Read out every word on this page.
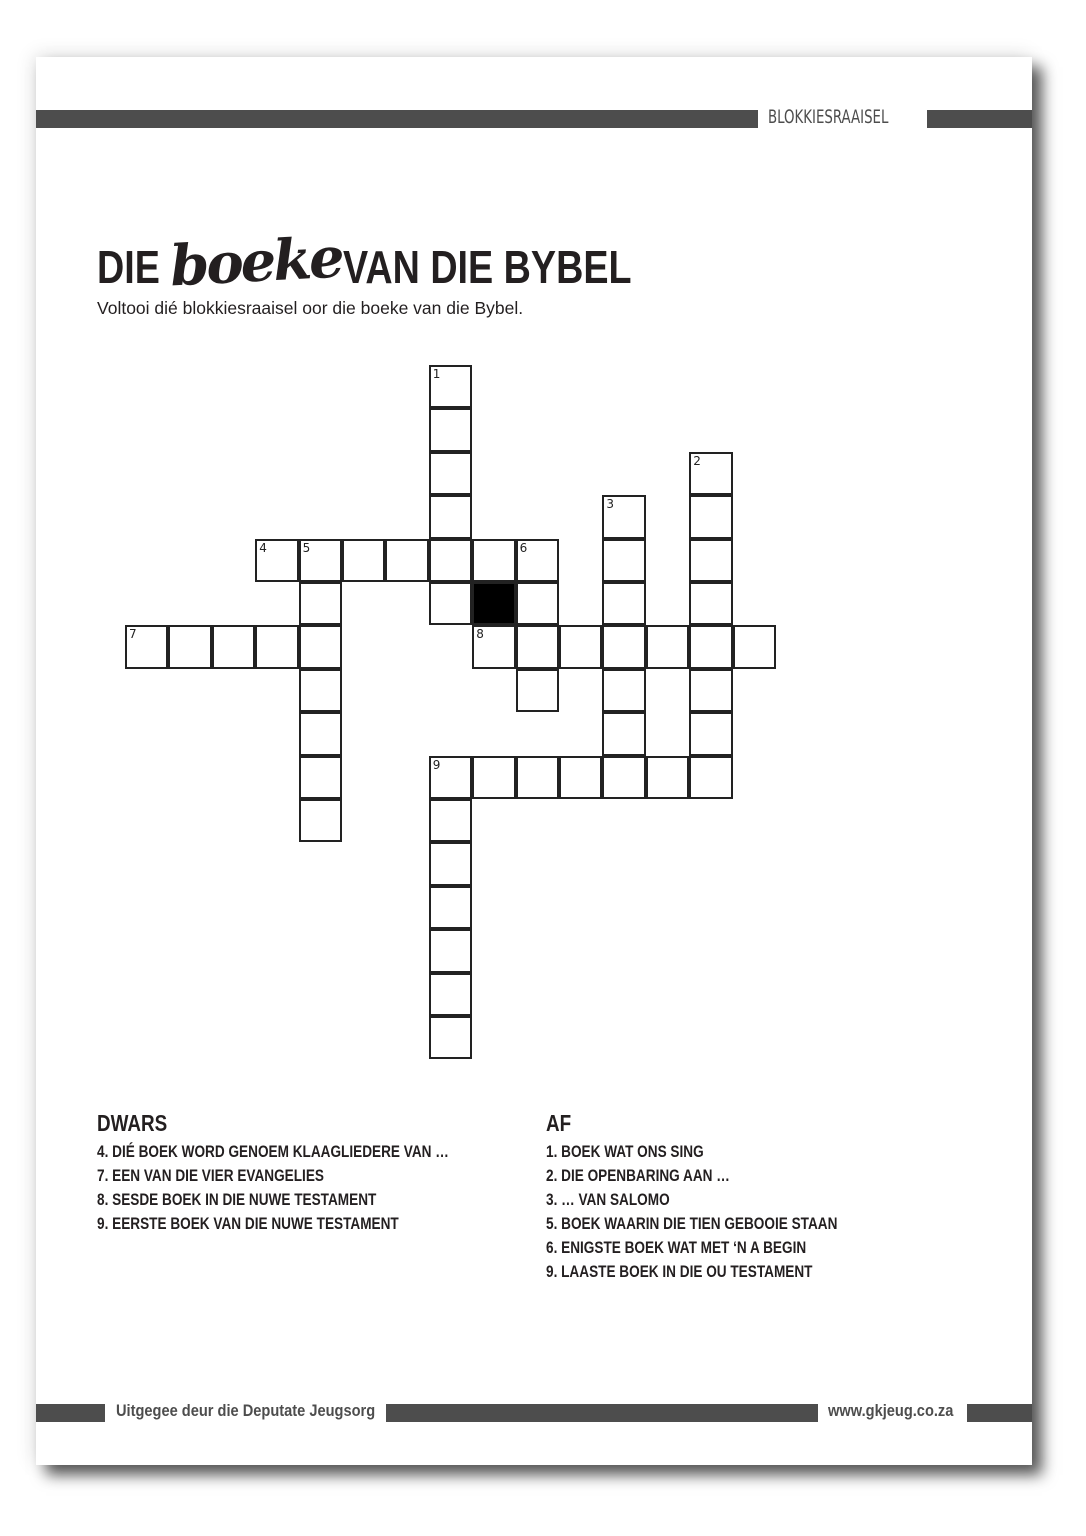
BLOKKIESRAAISEL
DIE boeke VAN DIE BYBEL
Voltooi dié blokkiesraaisel oor die boeke van die Bybel.
1
2
3
4	5	6
7	8
9
DWARS
4. DIÉ BOEK WORD GENOEM KLAAGLIEDERE VAN …
7. EEN VAN DIE VIER EVANGELIES
8. SESDE BOEK IN DIE NUWE TESTAMENT
9. EERSTE BOEK VAN DIE NUWE TESTAMENT
AF
1. BOEK WAT ONS SING
2. DIE OPENBARING AAN …
3. … VAN SALOMO
5. BOEK WAARIN DIE TIEN GEBOOIE STAAN
6. ENIGSTE BOEK WAT MET ‘N A BEGIN
9. LAASTE BOEK IN DIE OU TESTAMENT
Uitgegee deur die Deputate Jeugsorg	www.gkjeug.co.za
